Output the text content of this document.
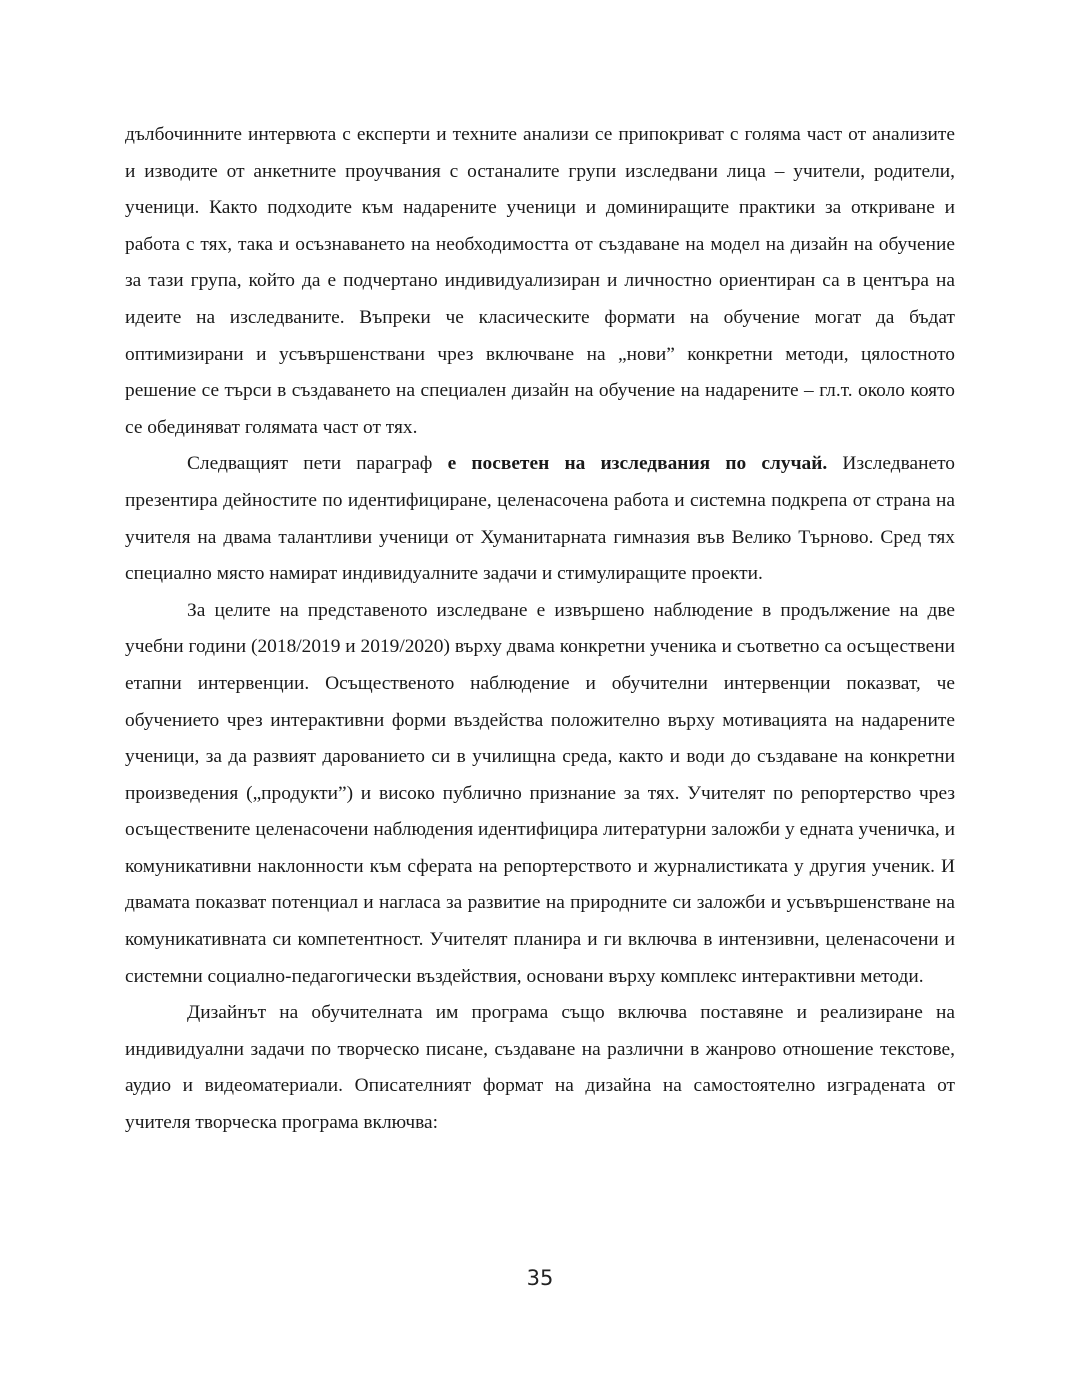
дълбочинните интервюта с експерти и техните анализи се припокриват с голяма част от анализите и изводите от анкетните проучвания с останалите групи изследвани лица – учители, родители, ученици. Както подходите към надарените ученици и доминиращите практики за откриване и работа с тях, така и осъзнаването на необходимостта от създаване на модел на дизайн на обучение за тази група, който да е подчертано индивидуализиран и личностно ориентиран са в центъра на идеите на изследваните. Въпреки че класическите формати на обучение могат да бъдат оптимизирани и усъвършенствани чрез включване на „нови” конкретни методи, цялостното решение се търси в създаването на специален дизайн на обучение на надарените – гл.т. около която се обединяват голямата част от тях.

Следващият пети параграф е посветен на изследвания по случай. Изследването презентира дейностите по идентифициране, целенасочена работа и системна подкрепа от страна на учителя на двама талантливи ученици от Хуманитарната гимназия във Велико Търново. Сред тях специално място намират индивидуалните задачи и стимулиращите проекти.

За целите на представеното изследване е извършено наблюдение в продължение на две учебни години (2018/2019 и 2019/2020) върху двама конкретни ученика и съответно са осъществени етапни интервенции. Осъщественото наблюдение и обучителни интервенции показват, че обучението чрез интерактивни форми въздейства положително върху мотивацията на надарените ученици, за да развият дарованието си в училищна среда, както и води до създаване на конкретни произведения („продукти”) и високо публично признание за тях. Учителят по репортерство чрез осъществените целенасочени наблюдения идентифицира литературни заложби у едната ученичка, и комуникативни наклонности към сферата на репортерството и журналистиката у другия ученик. И двамата показват потенциал и нагласа за развитие на природните си заложби и усъвършенстване на комуникативната си компетентност. Учителят планира и ги включва в интензивни, целенасочени и системни социално-педагогически въздействия, основани върху комплекс интерактивни методи.

Дизайнът на обучителната им програма също включва поставяне и реализиране на индивидуални задачи по творческо писане, създаване на различни в жанрово отношение текстове, аудио и видеоматериали. Описателният формат на дизайна на самостоятелно изградената от учителя творческа програма включва:

35
